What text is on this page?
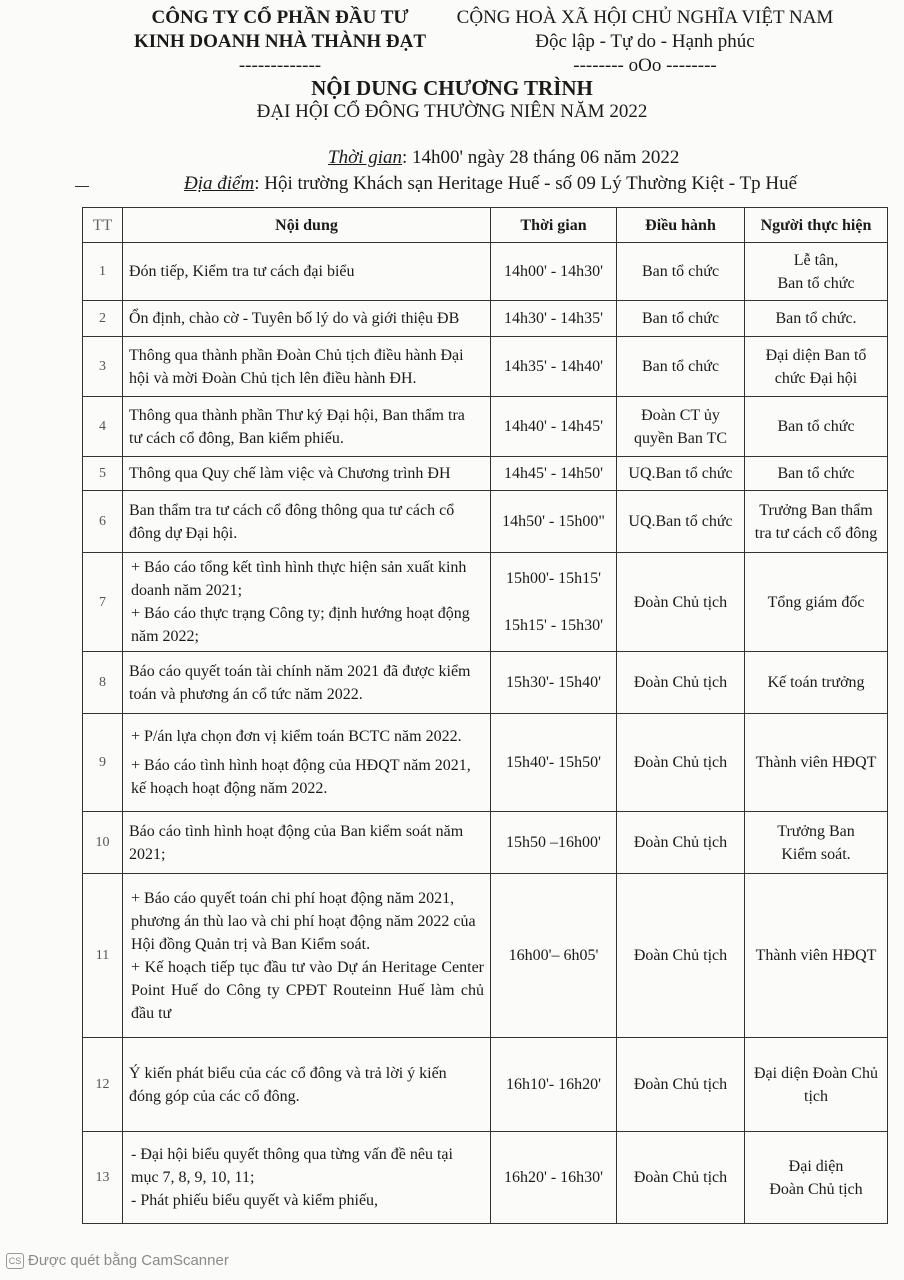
CÔNG TY CỔ PHẦN ĐẦU TƯ
KINH DOANH NHÀ THÀNH ĐẠT
-------------
CỘNG HOÀ XÃ HỘI CHỦ NGHĨA VIỆT NAM
Độc lập - Tự do - Hạnh phúc
-------- oOo --------
NỘI DUNG CHƯƠNG TRÌNH
ĐẠI HỘI CỔ ĐÔNG THƯỜNG NIÊN NĂM 2022
Thời gian: 14h00' ngày 28 tháng 06 năm 2022
Địa điểm: Hội trường Khách sạn Heritage Huế - số 09 Lý Thường Kiệt - Tp Huế
TT	Nội dung	Thời gian	Điều hành	Người thực hiện
1	Đón tiếp, Kiểm tra tư cách đại biểu	14h00' - 14h30'	Ban tổ chức	Lễ tân,
Ban tổ chức

2	Ổn định, chào cờ - Tuyên bố lý do và giới thiệu ĐB	14h30' - 14h35'	Ban tổ chức	Ban tổ chức.

3	Thông qua thành phần Đoàn Chủ tịch điều hành Đại
hội và mời Đoàn Chủ tịch lên điều hành ĐH.	14h35' - 14h40'	Ban tổ chức	Đại diện Ban tổ
chức Đại hội

4	Thông qua thành phần Thư ký Đại hội, Ban thẩm tra
tư cách cổ đông, Ban kiểm phiếu.	14h40' - 14h45'	Đoàn CT ủy quyền Ban TC	Ban tổ chức

5	Thông qua Quy chế làm việc và Chương trình ĐH	14h45' - 14h50'	UQ.Ban tổ chức	Ban tổ chức

6	Ban thẩm tra tư cách cổ đông thông qua tư cách cổ
đông dự Đại hội.	14h50' - 15h00"	UQ.Ban tổ chức	Trưởng Ban thẩm
tra tư cách cổ đông

7	+ Báo cáo tổng kết tình hình thực hiện sản xuất kinh doanh năm 2021;
+ Báo cáo thực trạng Công ty; định hướng hoạt động năm 2022;	15h00'- 15h15'
15h15' - 15h30'	Đoàn Chủ tịch	Tổng giám đốc

8	Báo cáo quyết toán tài chính năm 2021 đã được kiểm
toán và phương án cổ tức năm 2022.	15h30'- 15h40'	Đoàn Chủ tịch	Kế toán trưởng

9	+ P/án lựa chọn đơn vị kiểm toán BCTC năm 2022.
+ Báo cáo tình hình hoạt động của HĐQT năm 2021, kế hoạch hoạt động năm 2022.	15h40'- 15h50'	Đoàn Chủ tịch	Thành viên HĐQT

10	Báo cáo tình hình hoạt động của Ban kiểm soát năm
2021;	15h50 –16h00'	Đoàn Chủ tịch	Trưởng Ban
Kiểm soát.

11	+ Báo cáo quyết toán chi phí hoạt động năm 2021, phương án thù lao và chi phí hoạt động năm 2022 của Hội đồng Quản trị và Ban Kiểm soát.
+ Kế hoạch tiếp tục đầu tư vào Dự án Heritage Center Point Huế do Công ty CPĐT Routeinn Huế làm chủ đầu tư	16h00'– 6h05'	Đoàn Chủ tịch	Thành viên HĐQT

12	Ý kiến phát biểu của các cổ đông và trả lời ý kiến
đóng góp của các cổ đông.	16h10'- 16h20'	Đoàn Chủ tịch	Đại diện Đoàn Chủ
tịch

13	- Đại hội biểu quyết thông qua từng vấn đề nêu tại mục 7, 8, 9, 10, 11;
- Phát phiếu biểu quyết và kiểm phiếu,	16h20' - 16h30'	Đoàn Chủ tịch	Đại diện
Đoàn Chủ tịch
CS Được quét bằng CamScanner
